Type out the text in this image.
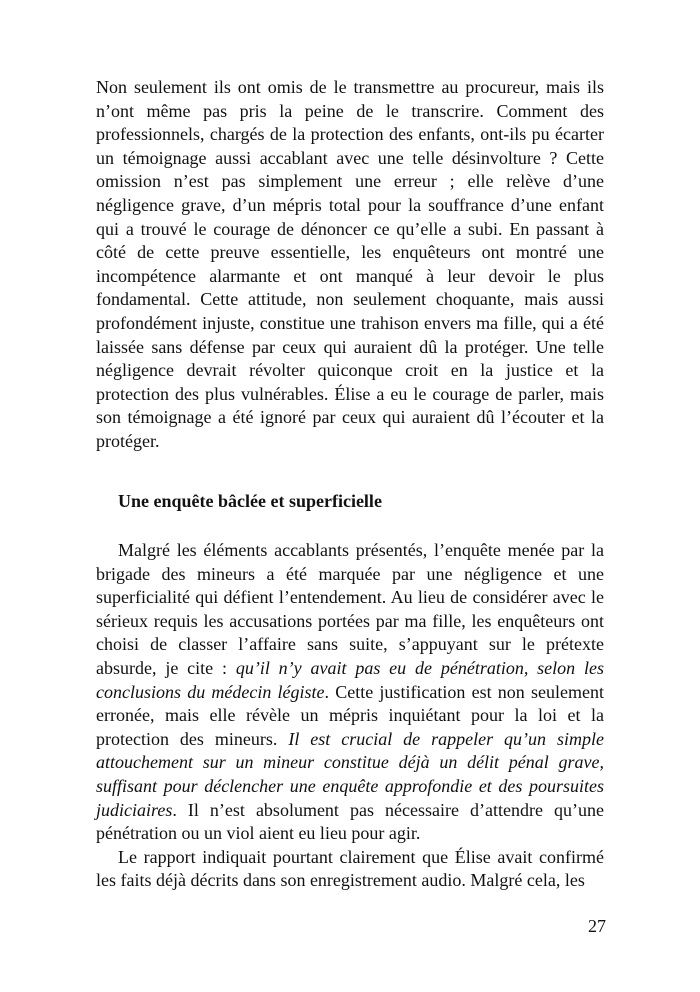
Non seulement ils ont omis de le transmettre au procureur, mais ils n’ont même pas pris la peine de le transcrire. Comment des professionnels, chargés de la protection des enfants, ont-ils pu écarter un témoignage aussi accablant avec une telle désinvolture ? Cette omission n’est pas simplement une erreur ; elle relève d’une négligence grave, d’un mépris total pour la souffrance d’une enfant qui a trouvé le courage de dénoncer ce qu’elle a subi. En passant à côté de cette preuve essentielle, les enquêteurs ont montré une incompétence alarmante et ont manqué à leur devoir le plus fondamental. Cette attitude, non seulement choquante, mais aussi profondément injuste, constitue une trahison envers ma fille, qui a été laissée sans défense par ceux qui auraient dû la protéger. Une telle négligence devrait révolter quiconque croit en la justice et la protection des plus vulnérables. Élise a eu le courage de parler, mais son témoignage a été ignoré par ceux qui auraient dû l’écouter et la protéger.

Une enquête bâclée et superficielle

Malgré les éléments accablants présentés, l’enquête menée par la brigade des mineurs a été marquée par une négligence et une superficialité qui défient l’entendement. Au lieu de considérer avec le sérieux requis les accusations portées par ma fille, les enquêteurs ont choisi de classer l’affaire sans suite, s’appuyant sur le prétexte absurde, je cite : qu’il n’y avait pas eu de pénétration, selon les conclusions du médecin légiste. Cette justification est non seulement erronée, mais elle révèle un mépris inquiétant pour la loi et la protection des mineurs. Il est crucial de rappeler qu’un simple attouchement sur un mineur constitue déjà un délit pénal grave, suffisant pour déclencher une enquête approfondie et des poursuites judiciaires. Il n’est absolument pas nécessaire d’attendre qu’une pénétration ou un viol aient eu lieu pour agir.

Le rapport indiquait pourtant clairement que Élise avait confirmé les faits déjà décrits dans son enregistrement audio. Malgré cela, les

27
